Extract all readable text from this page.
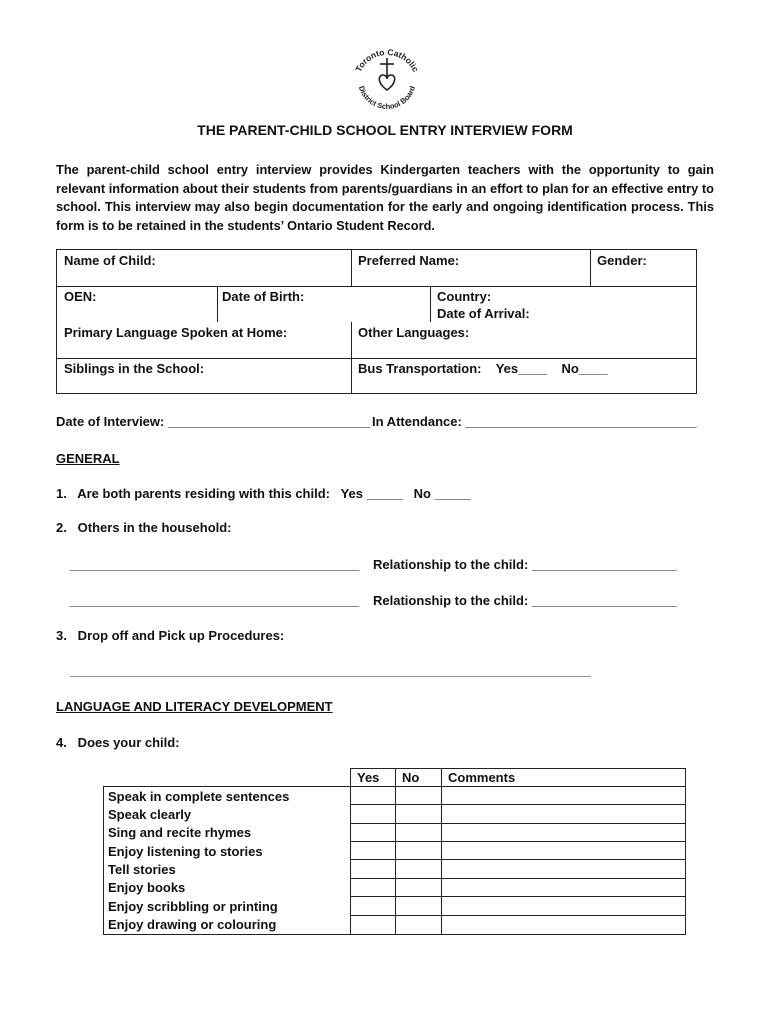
Toronto Catholic
District School Board
THE PARENT-CHILD SCHOOL ENTRY INTERVIEW FORM
The parent-child school entry interview provides Kindergarten teachers with the opportunity to gain relevant information about their students from parents/guardians in an effort to plan for an effective entry to school. This interview may also begin documentation for the early and ongoing identification process. This form is to be retained in the students’ Ontario Student Record.
Name of Child:	Preferred Name:	Gender:
OEN:	Date of Birth:	Country:
Date of Arrival:
Primary Language Spoken at Home:	Other Languages:
Siblings in the School:	Bus Transportation:    Yes____    No____
Date of Interview: ____________________________ In Attendance: ________________________________
GENERAL
1.   Are both parents residing with this child:   Yes _____   No _____
2.   Others in the household:
________________________________________ Relationship to the child: ____________________
________________________________________ Relationship to the child: ____________________
3.   Drop off and Pick up Procedures:
_____________________________________________________________________________________
LANGUAGE AND LITERACY DEVELOPMENT
4.   Does your child:
Yes No Comments
Speak in complete sentences
Speak clearly
Sing and recite rhymes
Enjoy listening to stories
Tell stories
Enjoy books
Enjoy scribbling or printing
Enjoy drawing or colouring
